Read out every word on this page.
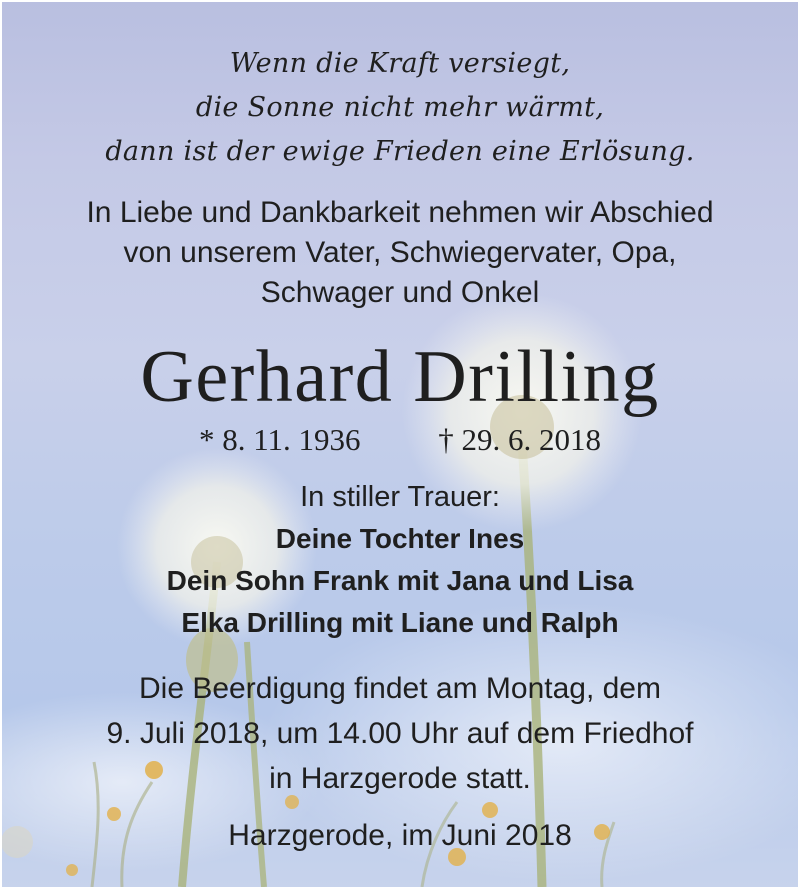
Wenn die Kraft versiegt,
die Sonne nicht mehr wärmt,
dann ist der ewige Frieden eine Erlösung.
In Liebe und Dankbarkeit nehmen wir Abschied
von unserem Vater, Schwiegervater, Opa,
Schwager und Onkel
Gerhard Drilling
* 8. 11. 1936	† 29. 6. 2018
In stiller Trauer:
Deine Tochter Ines
Dein Sohn Frank mit Jana und Lisa
Elka Drilling mit Liane und Ralph
Die Beerdigung findet am Montag, dem
9. Juli 2018, um 14.00 Uhr auf dem Friedhof
in Harzgerode statt.
Harzgerode, im Juni 2018
